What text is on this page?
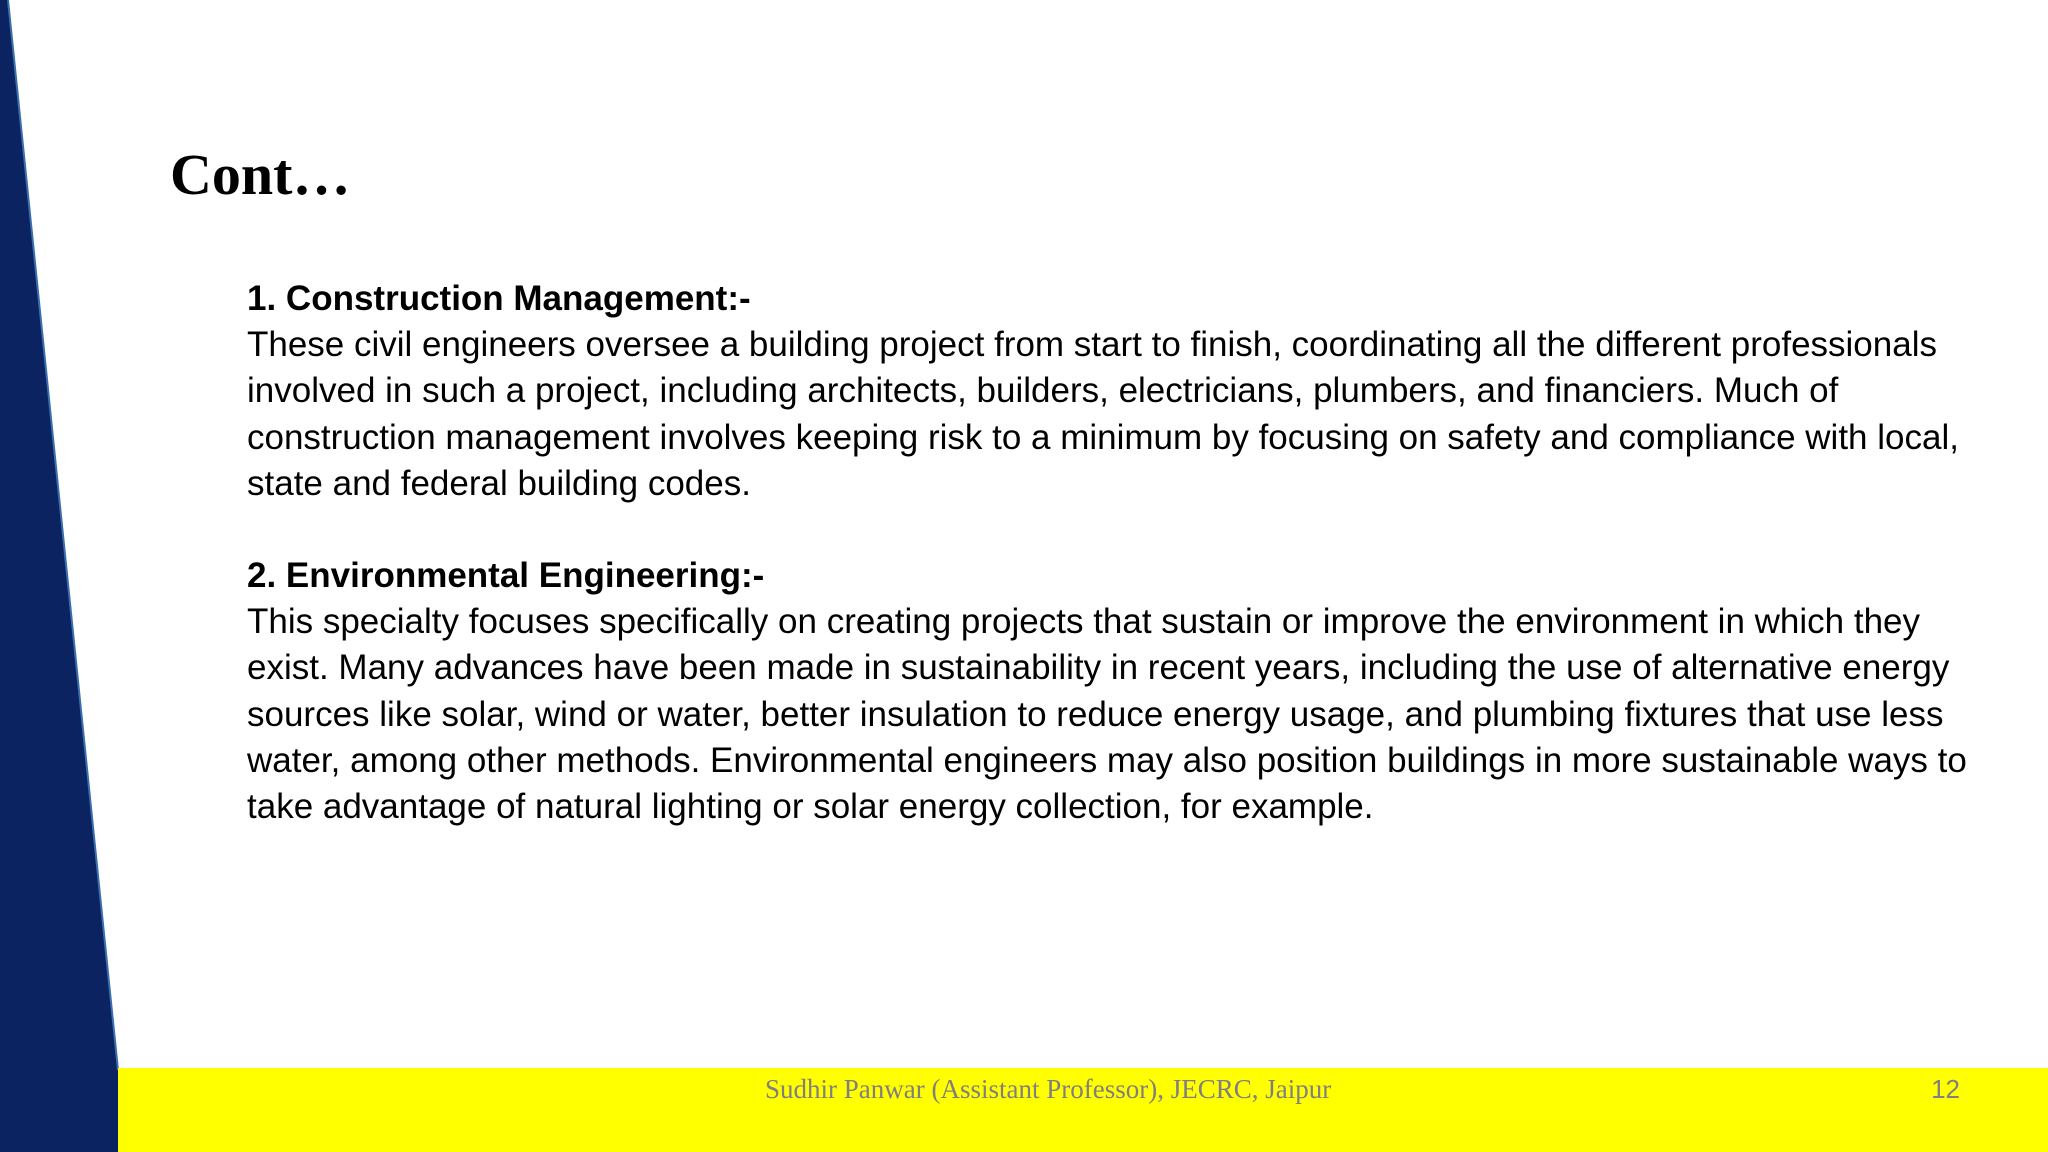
Cont…

1. Construction Management:-

These civil engineers oversee a building project from start to finish, coordinating all the different professionals involved in such a project, including architects, builders, electricians, plumbers, and financiers. Much of construction management involves keeping risk to a minimum by focusing on safety and compliance with local, state and federal building codes.

2. Environmental Engineering:-

This specialty focuses specifically on creating projects that sustain or improve the environment in which they exist. Many advances have been made in sustainability in recent years, including the use of alternative energy sources like solar, wind or water, better insulation to reduce energy usage, and plumbing fixtures that use less water, among other methods. Environmental engineers may also position buildings in more sustainable ways to take advantage of natural lighting or solar energy collection, for example.

Sudhir Panwar (Assistant Professor), JECRC, Jaipur	12
